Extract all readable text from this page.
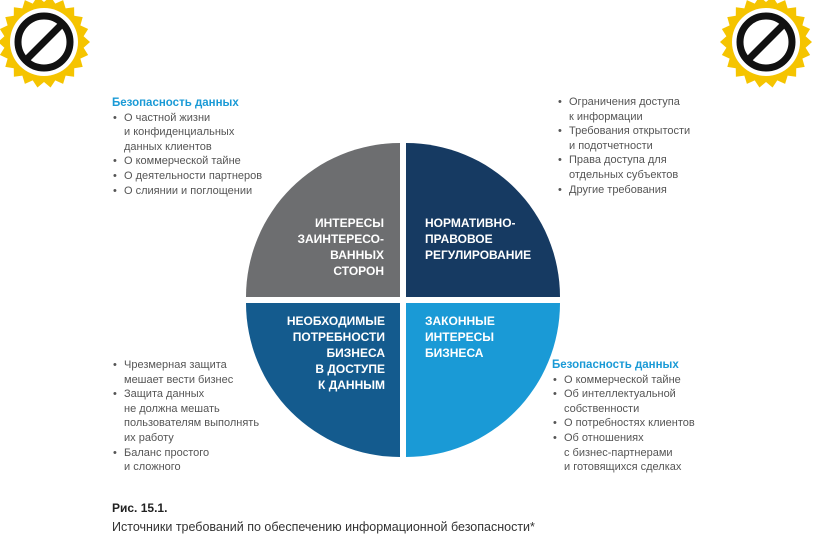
ИНТЕРЕСЫ
ЗАИНТЕРЕСО-
ВАННЫХ
СТОРОН
НОРМАТИВНО-
ПРАВОВОЕ
РЕГУЛИРОВАНИЕ
НЕОБХОДИМЫЕ
ПОТРЕБНОСТИ
БИЗНЕСА
В ДОСТУПЕ
К ДАННЫМ
ЗАКОННЫЕ
ИНТЕРЕСЫ
БИЗНЕСА
Безопасность данных
• О частной жизни
и конфиденциальных
данных клиентов
• О коммерческой тайне
• О деятельности партнеров
• О слиянии и поглощении
• Ограничения доступа
к информации
• Требования открытости
и подотчетности
• Права доступа для
отдельных субъектов
• Другие требования
• Чрезмерная защита
мешает вести бизнес
• Защита данных
не должна мешать
пользователям выполнять
их работу
• Баланс простого
и сложного
Безопасность данных
• О коммерческой тайне
• Об интеллектуальной
собственности
• О потребностях клиентов
• Об отношениях
с бизнес-партнерами
и готовящихся сделках
Рис. 15.1.
Источники требований по обеспечению информационной безопасности*
